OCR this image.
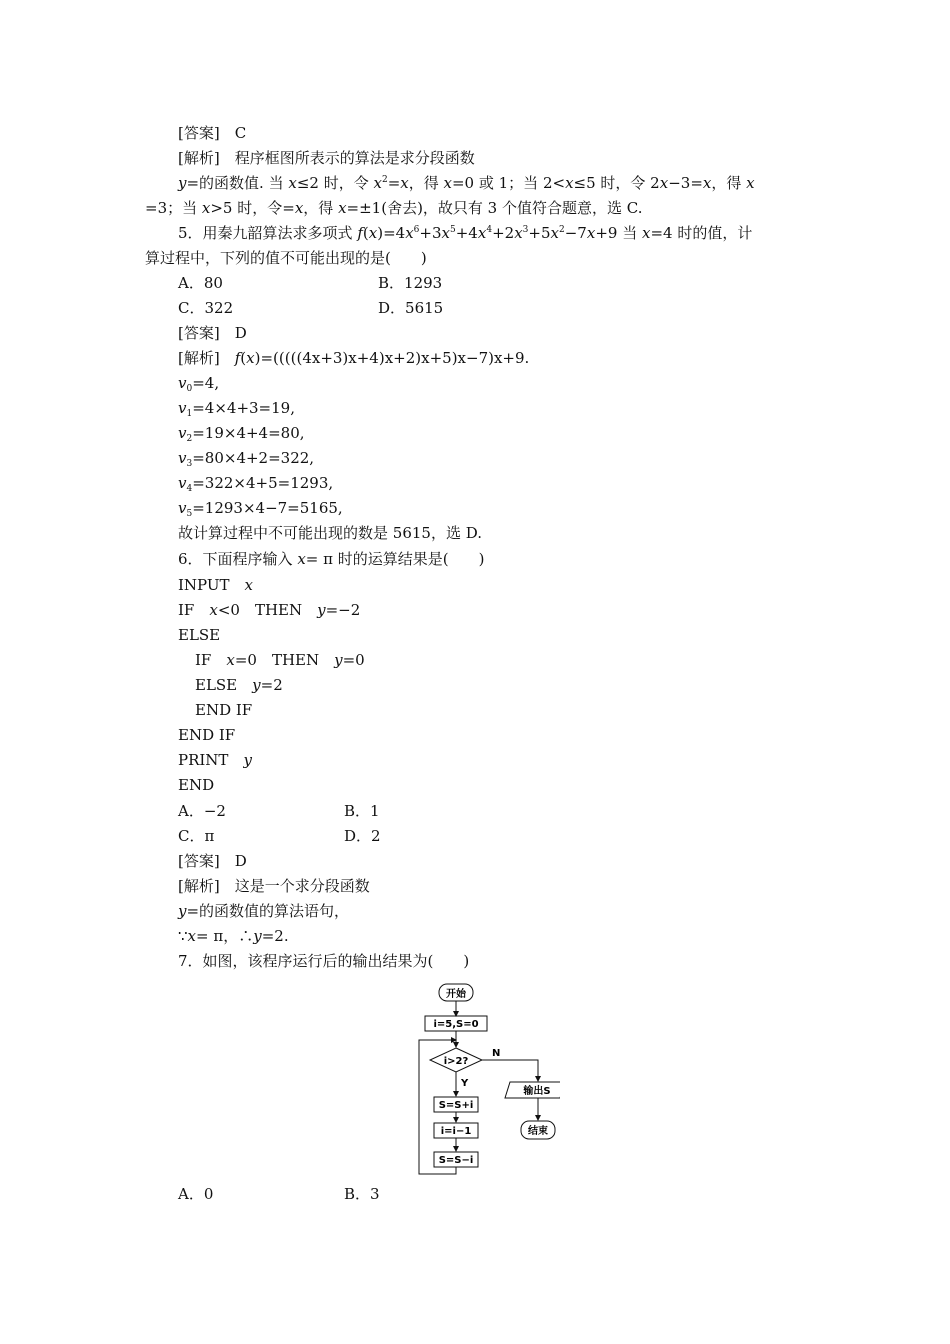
[答案]　 C
[解析]　 程序框图所表示的算法是求分段函数
y=的函数值. 当 x≤2 时，令 $x^2=x$，得 x=0 或 1；当 2<x≤5 时，令 2x−3=x，得 x
=3；当 x>5 时，令=x，得 x=±1(舍去)，故只有 3 个值符合题意，选 C.
5．用秦九韶算法求多项式 $f(x)=4x^6+3x^5+4x^4+2x^3+5x^2-7x+9$ 当 x=4 时的值，计
算过程中，下列的值不可能出现的是(　　)
A．80	B．1293
C．322	D．5615
[答案]　 D
[解析]　 f(x)=(((((4x+3)x+4)x+2)x+5)x−7)x+9.
$v_0=4$,
$v_1=4\times 4+3=19$,
$v_2=19\times 4+4=80$,
$v_3=80\times 4+2=322$,
$v_4=322\times 4+5=1293$,
$v_5=1293\times 4-7=5165$,
故计算过程中不可能出现的数是 5615，选 D.
6．下面程序输入 x= π 时的运算结果是(　　)
INPUT　 x
IF　 x<0　THEN　 y=−2
ELSE
IF　 x=0　THEN　 y=0
ELSE　 y=2
END IF
END IF
PRINT　 y
END
A．−2	B．1
C．π	D．2
[答案]　 D
[解析]　 这是一个求分段函数
y=的函数值的算法语句，
∵x= π，∴y=2.
7．如图，该程序运行后的输出结果为(　　)
开始
i=5,S=0
i>2?
N
Y
S=S+i
i=i−1
S=S−i
输出S
结束
A．0	B．3
